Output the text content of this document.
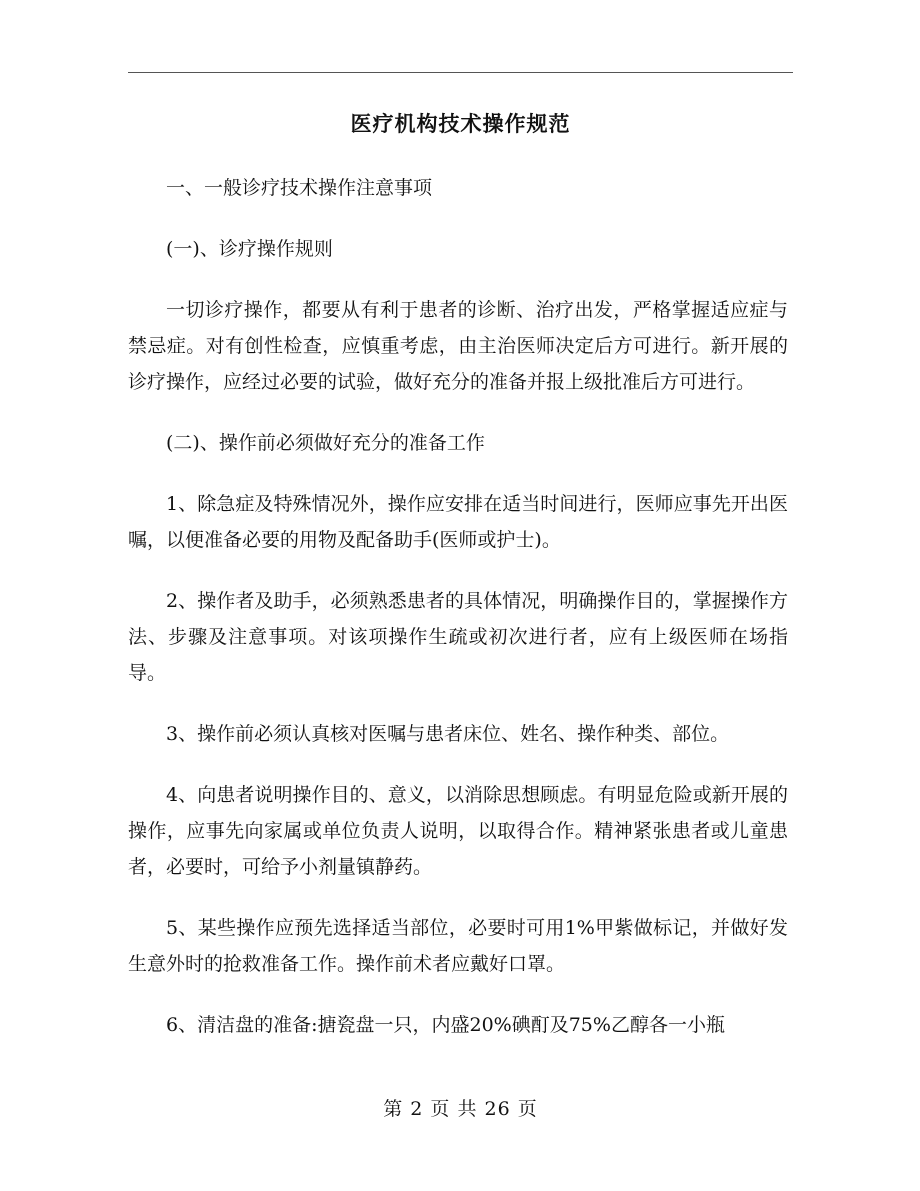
医疗机构技术操作规范

一、一般诊疗技术操作注意事项

(一)、诊疗操作规则

一切诊疗操作，都要从有利于患者的诊断、治疗出发，严格掌握适应症与禁忌症。对有创性检查，应慎重考虑，由主治医师决定后方可进行。新开展的诊疗操作，应经过必要的试验，做好充分的准备并报上级批准后方可进行。

(二)、操作前必须做好充分的准备工作

1、除急症及特殊情况外，操作应安排在适当时间进行，医师应事先开出医嘱，以便准备必要的用物及配备助手(医师或护士)。

2、操作者及助手，必须熟悉患者的具体情况，明确操作目的，掌握操作方法、步骤及注意事项。对该项操作生疏或初次进行者，应有上级医师在场指导。

3、操作前必须认真核对医嘱与患者床位、姓名、操作种类、部位。

4、向患者说明操作目的、意义，以消除思想顾虑。有明显危险或新开展的操作，应事先向家属或单位负责人说明，以取得合作。精神紧张患者或儿童患者，必要时，可给予小剂量镇静药。

5、某些操作应预先选择适当部位，必要时可用1%甲紫做标记，并做好发生意外时的抢救准备工作。操作前术者应戴好口罩。

6、清洁盘的准备:搪瓷盘一只，内盛20%碘酊及75%乙醇各一小瓶

第 2 页 共 26 页
